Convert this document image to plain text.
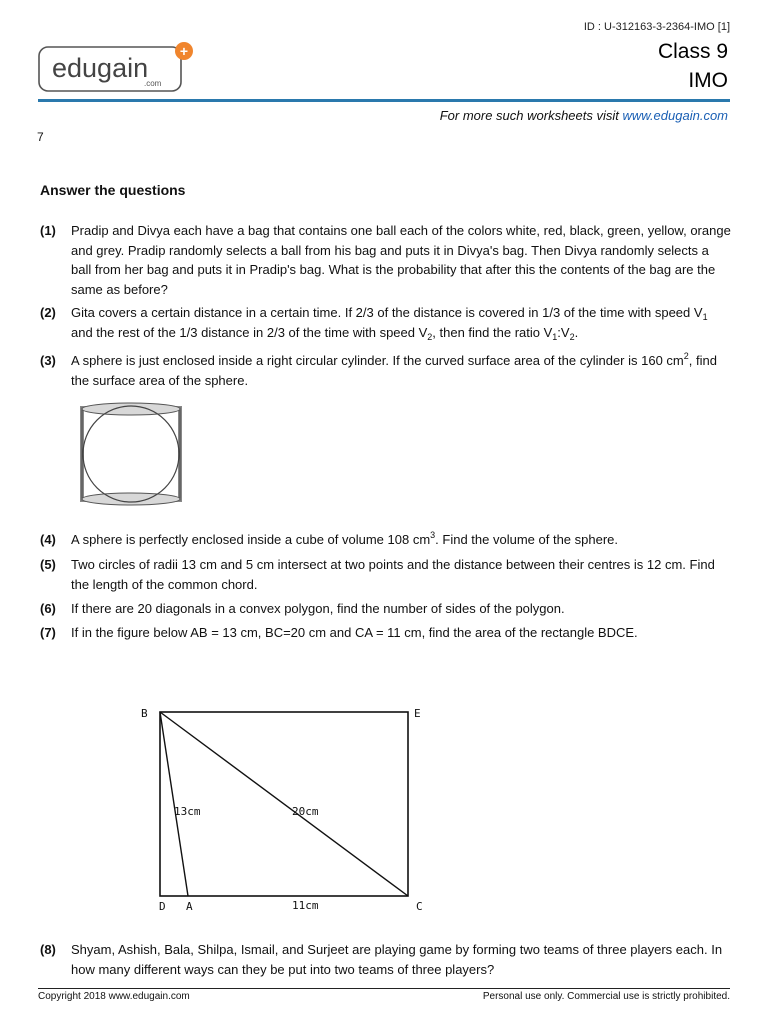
ID : U-312163-3-2364-IMO [1]
Class 9
IMO
edugain
.com
+
For more such worksheets visit www.edugain.com
7
Answer the questions
(1) Pradip and Divya each have a bag that contains one ball each of the colors white, red, black, green, yellow, orange and grey. Pradip randomly selects a ball from his bag and puts it in Divya's bag. Then Divya randomly selects a ball from her bag and puts it in Pradip's bag. What is the probability that after this the contents of the bag are the same as before?
(2) Gita covers a certain distance in a certain time. If 2/3 of the distance is covered in 1/3 of the time with speed $V_1$ and the rest of the 1/3 distance in 2/3 of the time with speed $V_2$, then find the ratio $V_1:V_2$.
(3) A sphere is just enclosed inside a right circular cylinder. If the curved surface area of the cylinder is 160 $cm^2$, find the surface area of the sphere.
(4) A sphere is perfectly enclosed inside a cube of volume 108 $cm^3$. Find the volume of the sphere.
(5) Two circles of radii 13 cm and 5 cm intersect at two points and the distance between their centres is 12 cm. Find the length of the common chord.
(6) If there are 20 diagonals in a convex polygon, find the number of sides of the polygon.
(7) If in the figure below AB = 13 cm, BC=20 cm and CA = 11 cm, find the area of the rectangle BDCE.
B	E
D A	C
13cm	20cm
11cm
(8) Shyam, Ashish, Bala, Shilpa, Ismail, and Surjeet are playing game by forming two teams of three players each. In how many different ways can they be put into two teams of three players?
Copyright 2018 www.edugain.com	Personal use only. Commercial use is strictly prohibited.
